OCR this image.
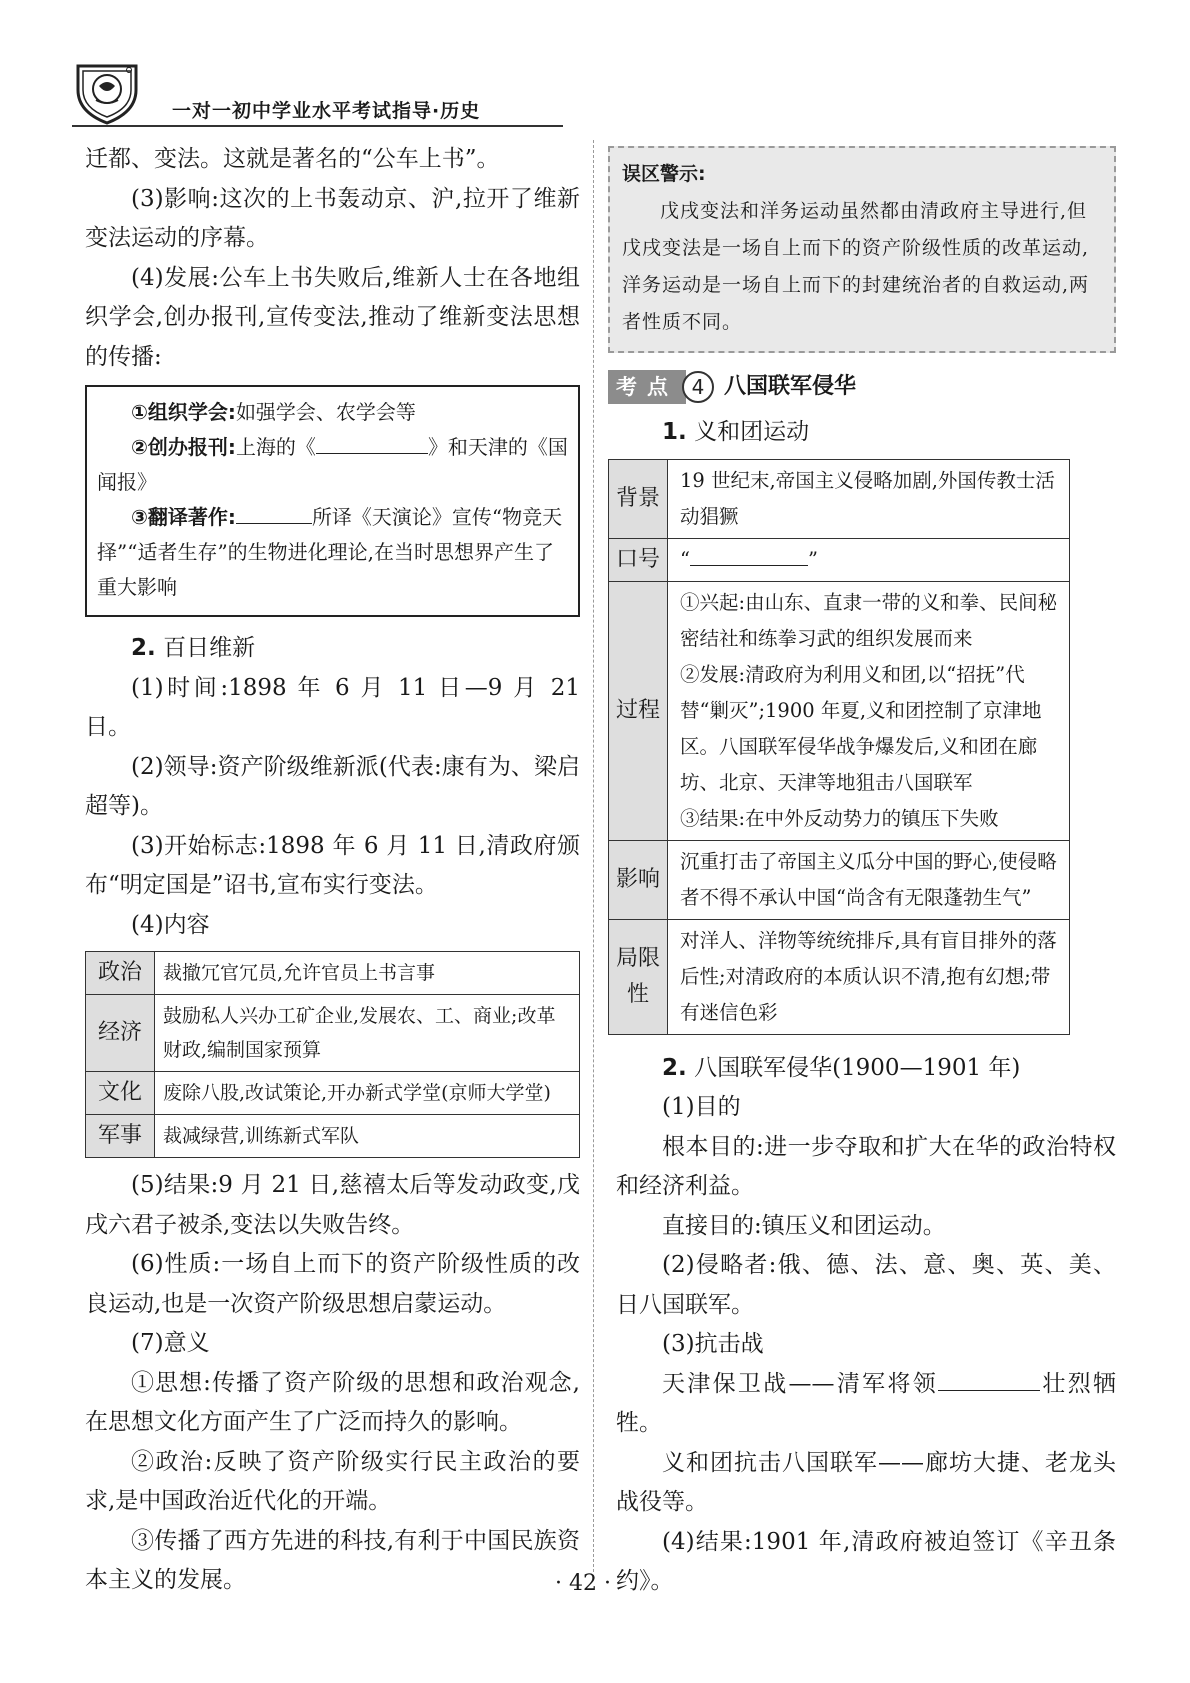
一对一初中学业水平考试指导·历史

迁都、变法。这就是著名的“公车上书”。

(3)影响:这次的上书轰动京、沪,拉开了维新变法运动的序幕。

(4)发展:公车上书失败后,维新人士在各地组织学会,创办报刊,宣传变法,推动了维新变法思想的传播:

①组织学会:如强学会、农学会等

②创办报刊:上海的《	》和天津的《国闻报》

③翻译著作:	所译《天演论》宣传“物竞天择”“适者生存”的生物进化理论,在当时思想界产生了重大影响

2. 百日维新

(1)时间:1898 年 6 月 11 日—9 月 21 日。

(2)领导:资产阶级维新派(代表:康有为、梁启超等)。

(3)开始标志:1898 年 6 月 11 日,清政府颁布“明定国是”诏书,宣布实行变法。

(4)内容

政治	裁撤冗官冗员,允许官员上书言事
经济	鼓励私人兴办工矿企业,发展农、工、商业;改革财政,编制国家预算
文化	废除八股,改试策论,开办新式学堂(京师大学堂)
军事	裁减绿营,训练新式军队

(5)结果:9 月 21 日,慈禧太后等发动政变,戊戌六君子被杀,变法以失败告终。

(6)性质:一场自上而下的资产阶级性质的改良运动,也是一次资产阶级思想启蒙运动。

(7)意义

①思想:传播了资产阶级的思想和政治观念,在思想文化方面产生了广泛而持久的影响。

②政治:反映了资产阶级实行民主政治的要求,是中国政治近代化的开端。

③传播了西方先进的科技,有利于中国民族资本主义的发展。

误区警示:

戊戌变法和洋务运动虽然都由清政府主导进行,但戊戌变法是一场自上而下的资产阶级性质的改革运动,洋务运动是一场自上而下的封建统治者的自救运动,两者性质不同。

考点 4 八国联军侵华

1. 义和团运动

背景	19 世纪末,帝国主义侵略加剧,外国传教士活动猖獗
口号	“ ”
过程	①兴起:由山东、直隶一带的义和拳、民间秘密结社和练拳习武的组织发展而来

②发展:清政府为利用义和团,以“招抚”代替“剿灭”;1900 年夏,义和团控制了京津地区。八国联军侵华战争爆发后,义和团在廊坊、北京、天津等地狙击八国联军

③结果:在中外反动势力的镇压下失败

影响	沉重打击了帝国主义瓜分中国的野心,使侵略者不得不承认中国“尚含有无限蓬勃生气”
局限性	对洋人、洋物等统统排斥,具有盲目排外的落后性;对清政府的本质认识不清,抱有幻想;带有迷信色彩

2. 八国联军侵华(1900—1901 年)

(1)目的

根本目的:进一步夺取和扩大在华的政治特权和经济利益。

直接目的:镇压义和团运动。

(2)侵略者:俄、德、法、意、奥、英、美、日八国联军。

(3)抗击战

天津保卫战——清军将领	壮烈牺牲。

义和团抗击八国联军——廊坊大捷、老龙头战役等。

(4)结果:1901 年,清政府被迫签订《辛丑条约》。

· 42 ·
